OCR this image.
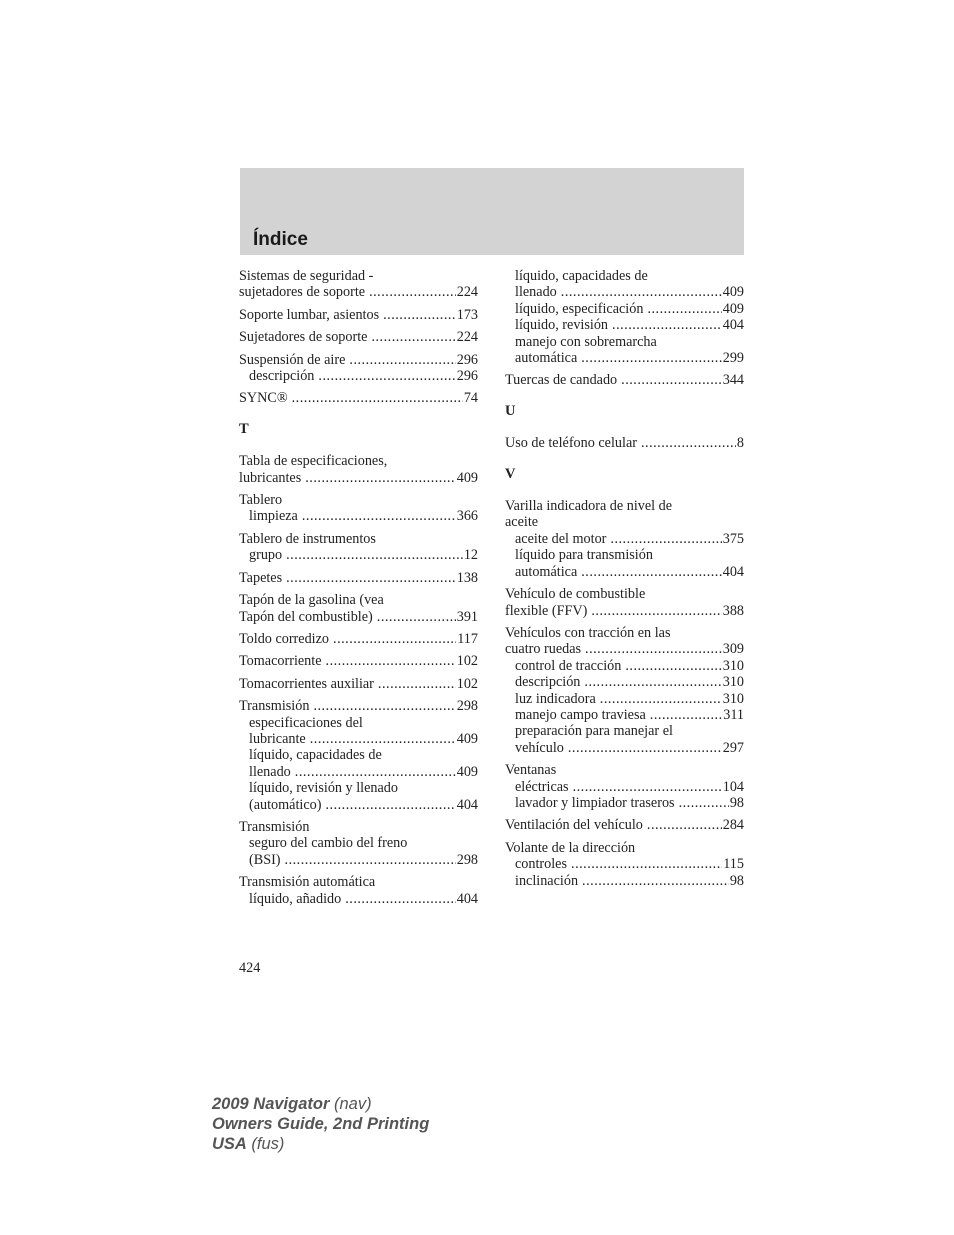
Índice
Sistemas de seguridad -
sujetadores de soporte .....	224
Soporte lumbar, asientos .....	173
Sujetadores de soporte .....	224
Suspensión de aire .....	296
descripción .....	296
SYNC® .....	74
T
Tabla de especificaciones,
lubricantes .....	409
Tablero
limpieza .....	366
Tablero de instrumentos
grupo .....	12
Tapetes .....	138
Tapón de la gasolina (vea
Tapón del combustible) .....	391
Toldo corredizo .....	117
Tomacorriente .....	102
Tomacorrientes auxiliar .....	102
Transmisión .....	298
especificaciones del
lubricante .....	409
líquido, capacidades de
llenado .....	409
líquido, revisión y llenado
(automático) .....	404
Transmisión
seguro del cambio del freno
(BSI) .....	298
Transmisión automática
líquido, añadido .....	404
líquido, capacidades de
llenado .....	409
líquido, especificación .....	409
líquido, revisión .....	404
manejo con sobremarcha
automática .....	299
Tuercas de candado .....	344
U
Uso de teléfono celular .....	8
V
Varilla indicadora de nivel de
aceite
aceite del motor .....	375
líquido para transmisión
automática .....	404
Vehículo de combustible
flexible (FFV) .....	388
Vehículos con tracción en las
cuatro ruedas .....	309
control de tracción .....	310
descripción .....	310
luz indicadora .....	310
manejo campo traviesa .....	311
preparación para manejar el
vehículo .....	297
Ventanas
eléctricas .....	104
lavador y limpiador traseros .....	98
Ventilación del vehículo .....	284
Volante de la dirección
controles .....	115
inclinación .....	98
424
2009 Navigator (nav)
Owners Guide, 2nd Printing
USA (fus)
